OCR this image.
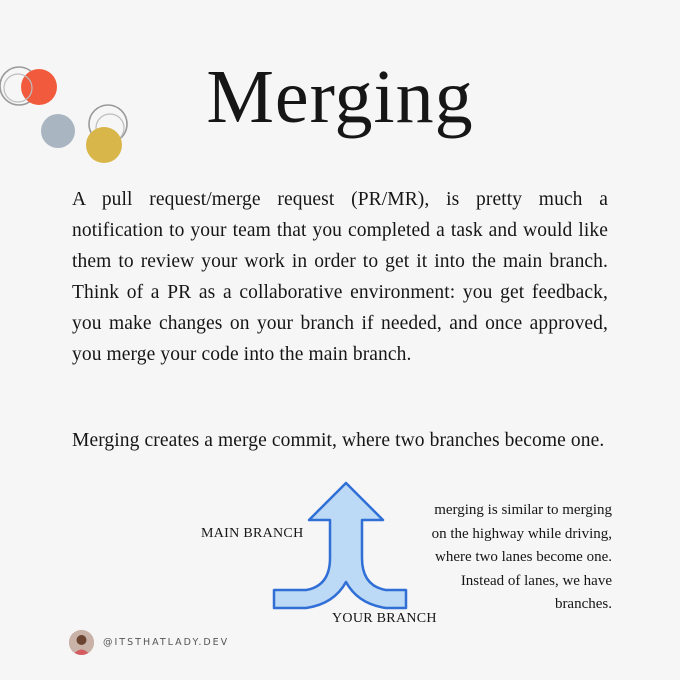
Merging

A pull request/merge request (PR/MR), is pretty much a notification to your team that you completed a task and would like them to review your work in order to get it into the main branch. Think of a PR as a collaborative environment: you get feedback, you make changes on your branch if needed, and once approved, you merge your code into the main branch.

Merging creates a merge commit, where two branches become one.

MAIN BRANCH
merging is similar to merging
on the highway while driving,
where two lanes become one.
Instead of lanes, we have
branches.
YOUR BRANCH
@ITSTHATLADY.DEV
